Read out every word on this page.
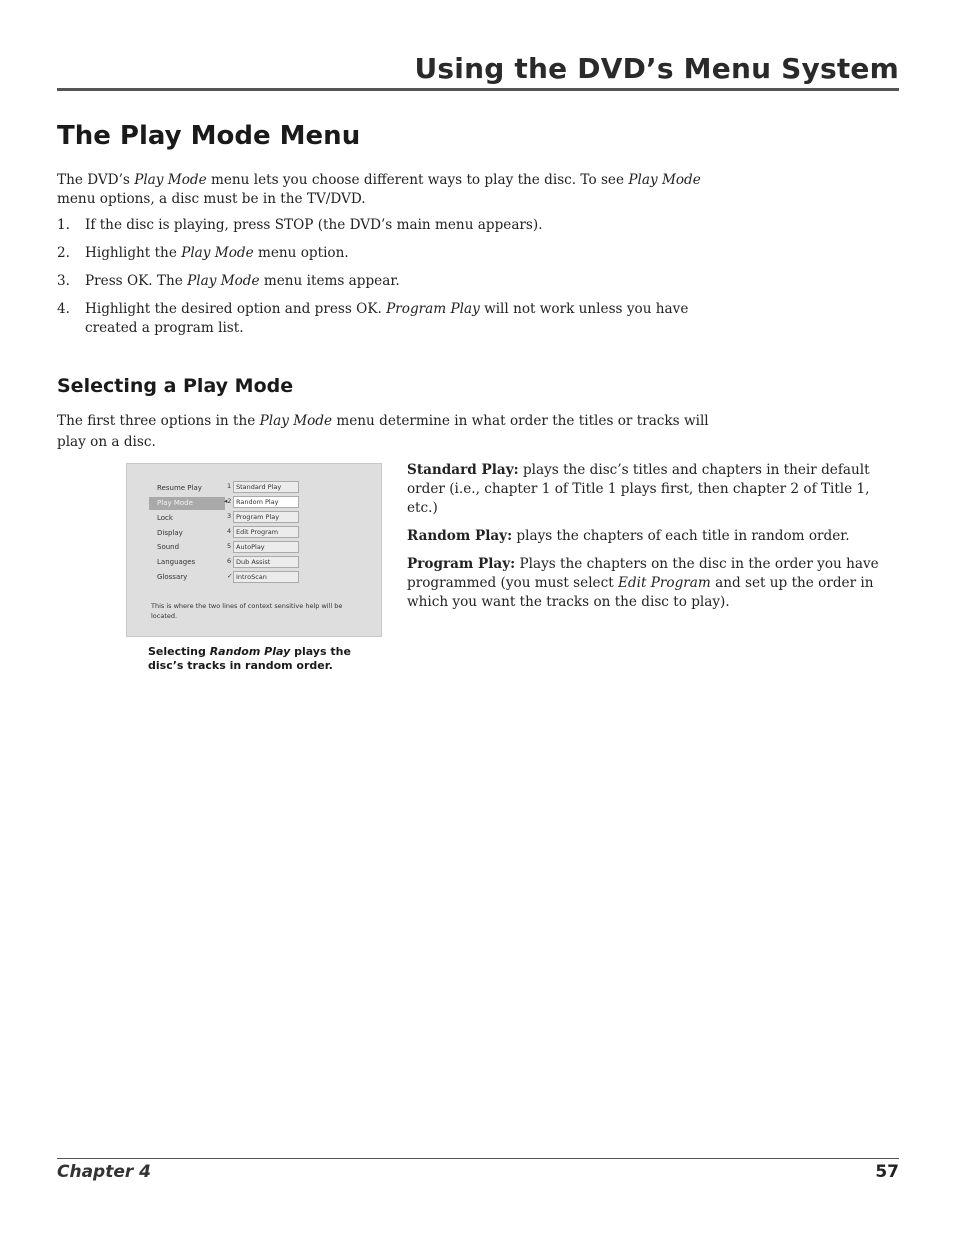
Using the DVD’s Menu System
The Play Mode Menu
The DVD’s Play Mode menu lets you choose different ways to play the disc. To see Play Mode menu options, a disc must be in the TV/DVD.
1. If the disc is playing, press STOP (the DVD’s main menu appears).
2. Highlight the Play Mode menu option.
3. Press OK. The Play Mode menu items appear.
4. Highlight the desired option and press OK. Program Play will not work unless you have created a program list.
Selecting a Play Mode
The first three options in the Play Mode menu determine in what order the titles or tracks will play on a disc.
Resume Play
Play Mode
Lock
Display
Sound
Languages
Glossary
1 Standard Play
◂2 Random Play
3 Program Play
4 Edit Program
5 AutoPlay
6 Dub Assist
✓ IntroScan
This is where the two lines of context sensitive help will be located.
Selecting Random Play plays the disc’s tracks in random order.

Standard Play: plays the disc’s titles and chapters in their default order (i.e., chapter 1 of Title 1 plays first, then chapter 2 of Title 1, etc.)

Random Play: plays the chapters of each title in random order.

Program Play: Plays the chapters on the disc in the order you have programmed (you must select Edit Program and set up the order in which you want the tracks on the disc to play).

Chapter 4	57
